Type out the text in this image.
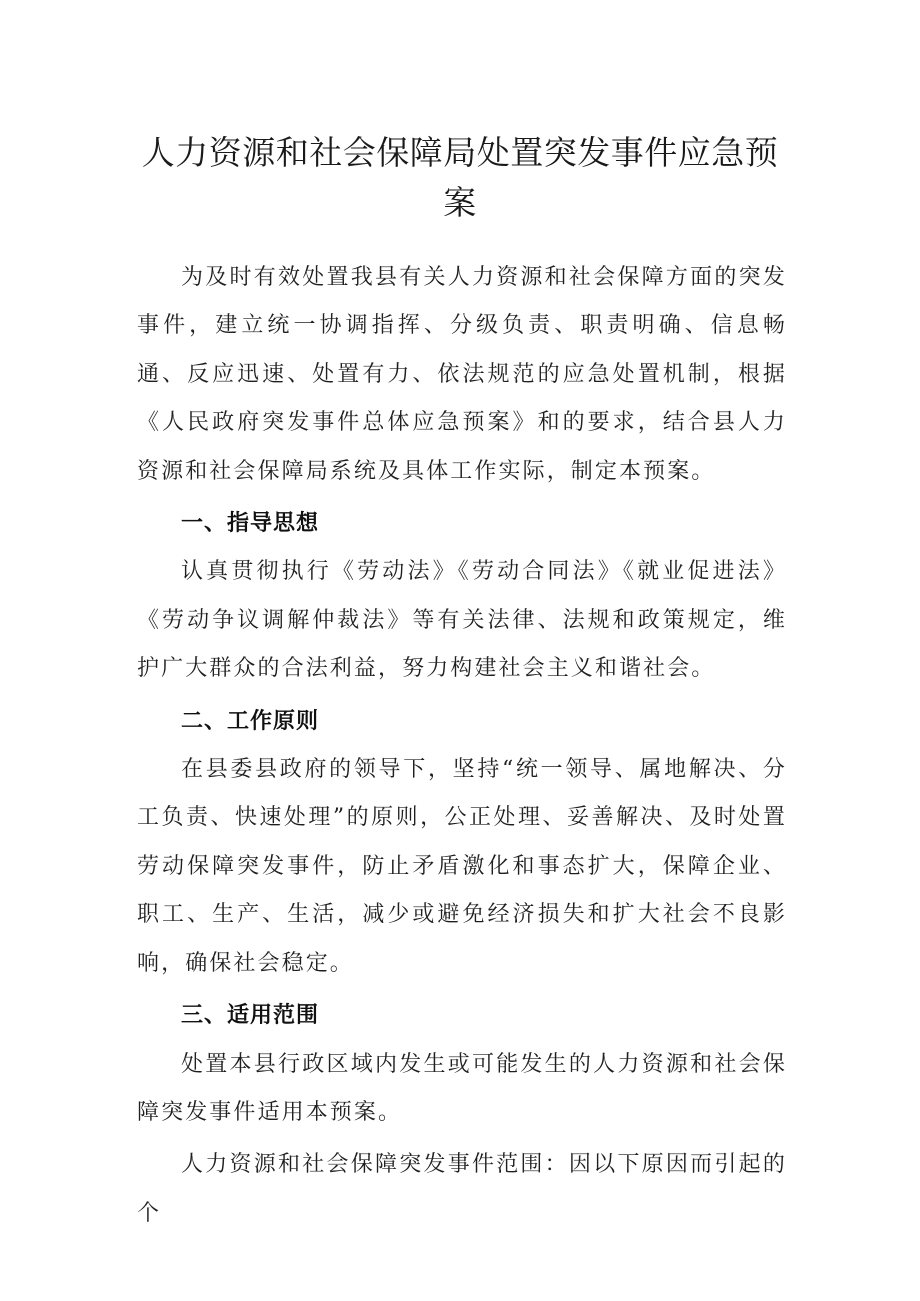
人力资源和社会保障局处置突发事件应急预案

为及时有效处置我县有关人力资源和社会保障方面的突发事件，建立统一协调指挥、分级负责、职责明确、信息畅通、反应迅速、处置有力、依法规范的应急处置机制，根据《人民政府突发事件总体应急预案》和的要求，结合县人力资源和社会保障局系统及具体工作实际，制定本预案。

一、指导思想

认真贯彻执行《劳动法》《劳动合同法》《就业促进法》《劳动争议调解仲裁法》等有关法律、法规和政策规定，维护广大群众的合法利益，努力构建社会主义和谐社会。

二、工作原则

在县委县政府的领导下，坚持“统一领导、属地解决、分工负责、快速处理”的原则，公正处理、妥善解决、及时处置劳动保障突发事件，防止矛盾激化和事态扩大，保障企业、职工、生产、生活，减少或避免经济损失和扩大社会不良影响，确保社会稳定。

三、适用范围

处置本县行政区域内发生或可能发生的人力资源和社会保障突发事件适用本预案。

人力资源和社会保障突发事件范围：因以下原因而引起的个
